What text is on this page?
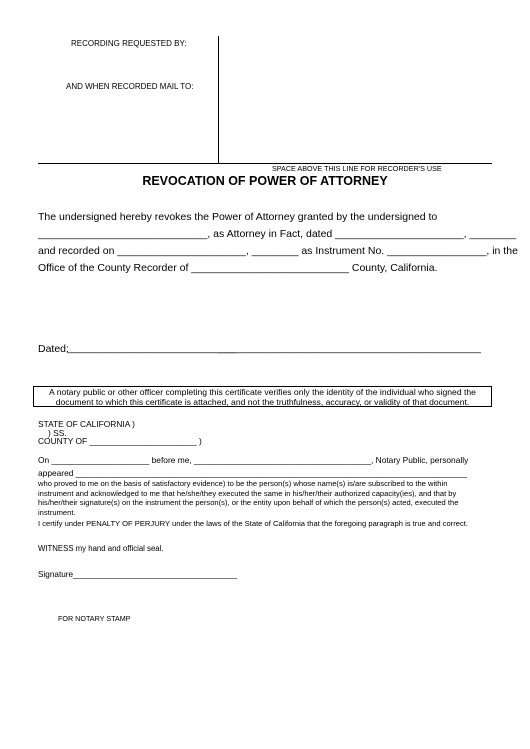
RECORDING REQUESTED BY:
AND WHEN RECORDED MAIL TO:
SPACE ABOVE THIS LINE FOR RECORDER'S USE
REVOCATION OF POWER OF ATTORNEY
The undersigned hereby revokes the Power of Attorney granted by the undersigned to
_____________________________, as Attorney in Fact, dated ______________________, ________
and recorded on ______________________, ________ as Instrument No. _________________, in the
Office of the County Recorder of ___________________________ County, California.
Dated:
_____________________________
_____________________________________________
A notary public or other officer completing this certificate verifies only the identity of the individual who signed the
document to which this certificate is attached, and not the truthfulness, accuracy, or validity of that document.
STATE OF CALIFORNIA )
) SS.
COUNTY OF _______________________ )
On _____________________ before me, ______________________________________, Notary Public, personally
appeared ____________________________________________________________________________________
who proved to me on the basis of satisfactory evidence) to be the person(s) whose name(s) is/are subscribed to the within instrument and acknowledged to me that he/she/they executed the same in his/her/their authorized capacity(ies), and that by his/her/their signature(s) on the instrument the person(s), or the entity upon behalf of which the person(s) acted, executed the instrument.
I certify under PENALTY OF PERJURY under the laws of the State of California that the foregoing paragraph is true and correct.
WITNESS my hand and official seal.
Signature____________________________________
FOR NOTARY STAMP
